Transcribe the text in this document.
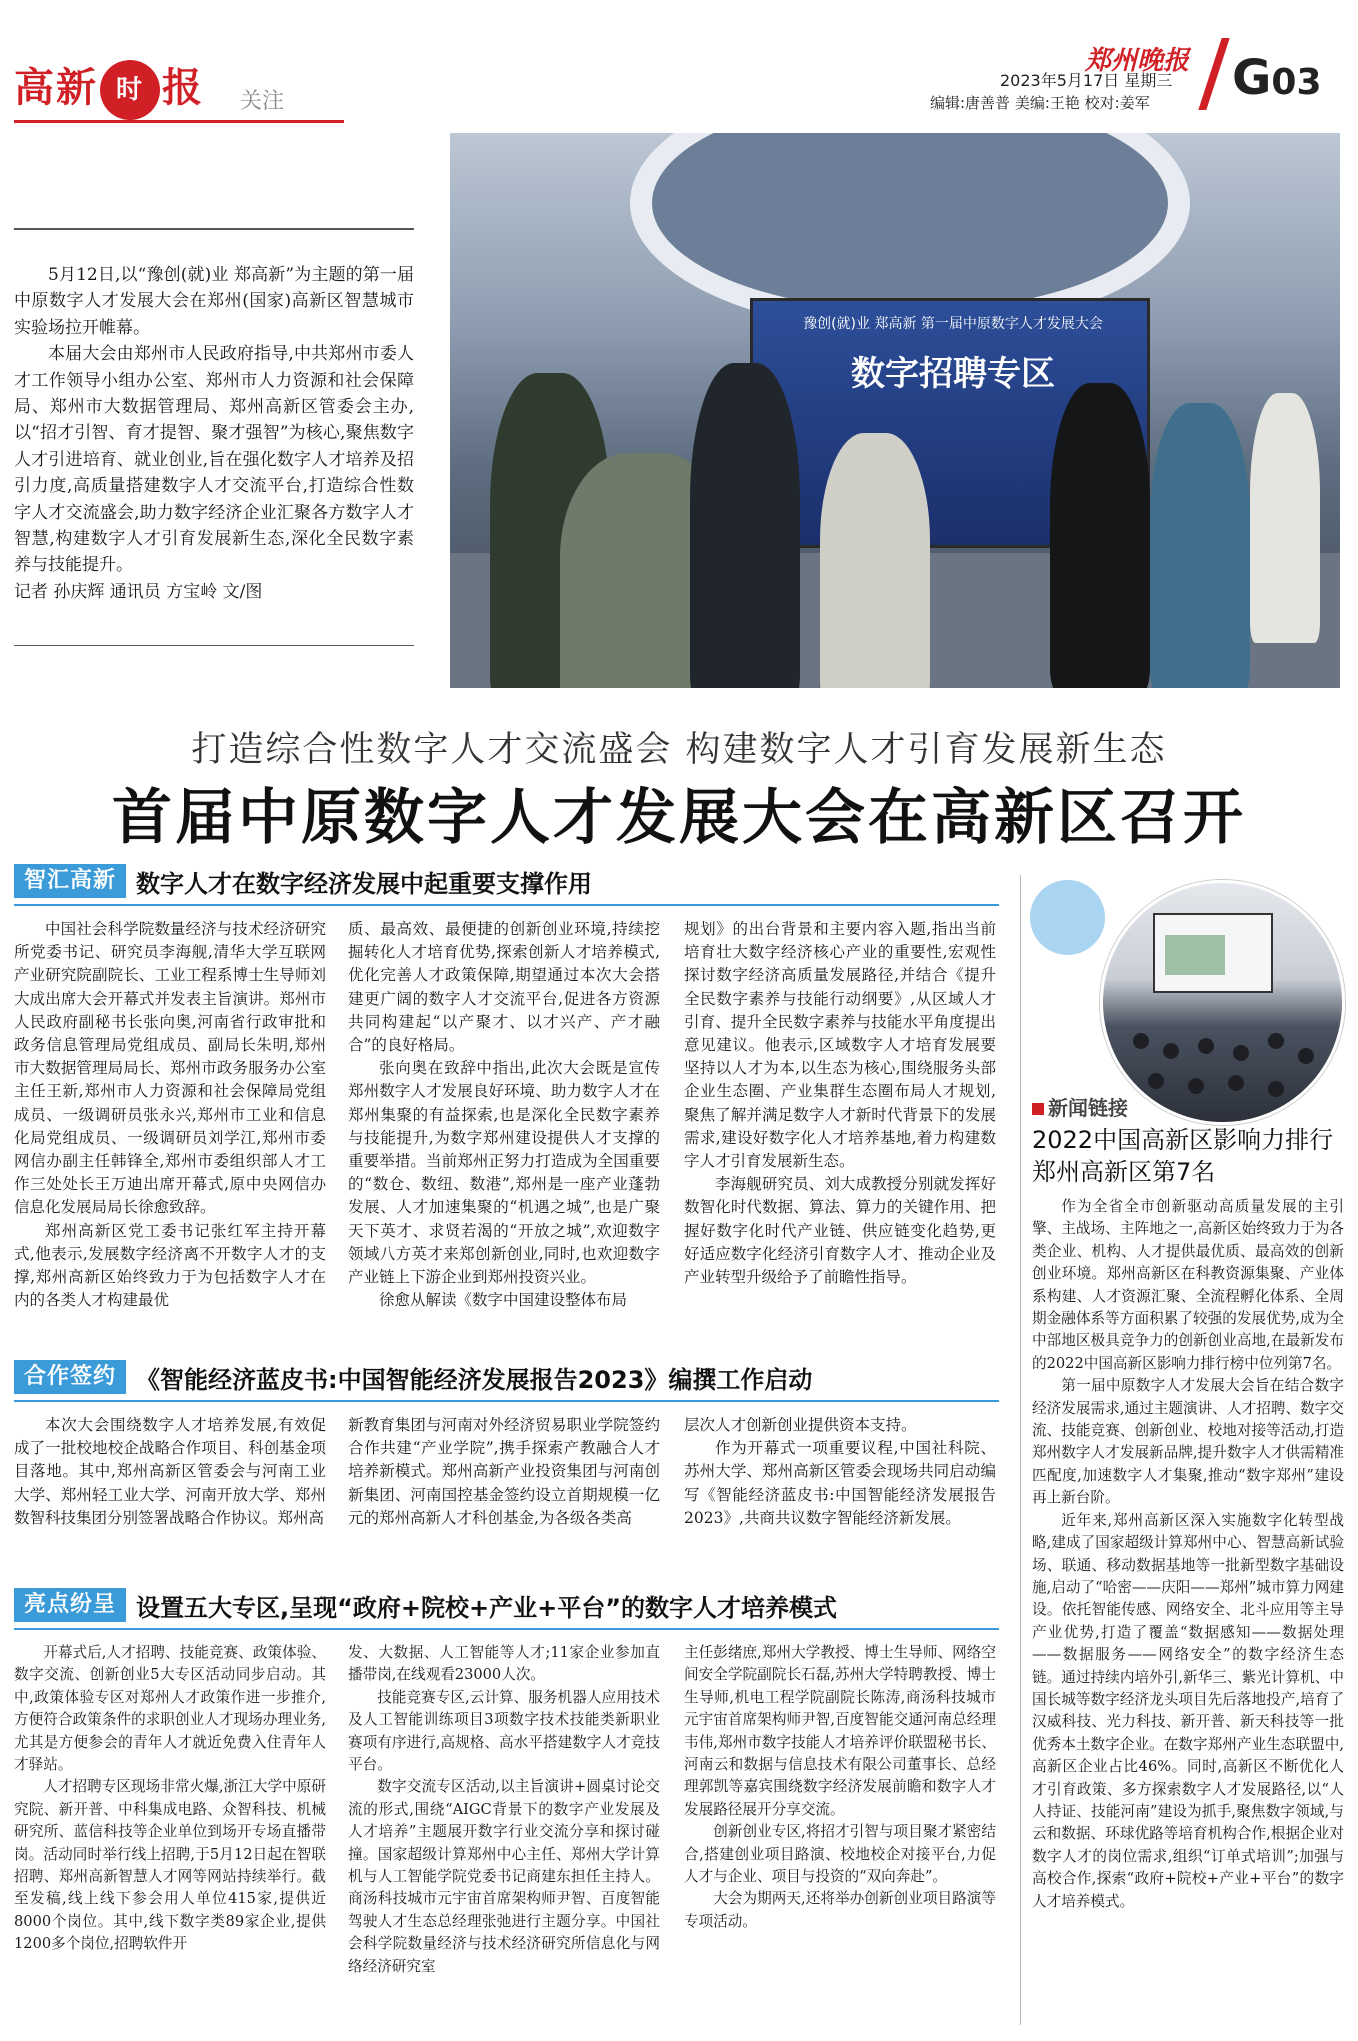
高新 时 报 关注
郑州晚报
2023年5月17日 星期三
编辑:唐善普 美编:王艳 校对:姜军 G03
豫创(就)业 郑高新 第一届中原数字人才发展大会
数字招聘专区

5月12日,以“豫创(就)业 郑高新”为主题的第一届中原数字人才发展大会在郑州(国家)高新区智慧城市实验场拉开帷幕。

本届大会由郑州市人民政府指导,中共郑州市委人才工作领导小组办公室、郑州市人力资源和社会保障局、郑州市大数据管理局、郑州高新区管委会主办,以“招才引智、育才提智、聚才强智”为核心,聚焦数字人才引进培育、就业创业,旨在强化数字人才培养及招引力度,高质量搭建数字人才交流平台,打造综合性数字人才交流盛会,助力数字经济企业汇聚各方数字人才智慧,构建数字人才引育发展新生态,深化全民数字素养与技能提升。

记者 孙庆辉 通讯员 方宝岭 文/图

打造综合性数字人才交流盛会 构建数字人才引育发展新生态
首届中原数字人才发展大会在高新区召开
智汇高新 数字人才在数字经济发展中起重要支撑作用

中国社会科学院数量经济与技术经济研究所党委书记、研究员李海舰,清华大学互联网产业研究院副院长、工业工程系博士生导师刘大成出席大会开幕式并发表主旨演讲。郑州市人民政府副秘书长张向奥,河南省行政审批和政务信息管理局党组成员、副局长朱明,郑州市大数据管理局局长、郑州市政务服务办公室主任王新,郑州市人力资源和社会保障局党组成员、一级调研员张永兴,郑州市工业和信息化局党组成员、一级调研员刘学江,郑州市委网信办副主任韩锋全,郑州市委组织部人才工作三处处长王万迪出席开幕式,原中央网信办信息化发展局局长徐愈致辞。

郑州高新区党工委书记张红军主持开幕式,他表示,发展数字经济离不开数字人才的支撑,郑州高新区始终致力于为包括数字人才在内的各类人才构建最优

质、最高效、最便捷的创新创业环境,持续挖掘转化人才培育优势,探索创新人才培养模式,优化完善人才政策保障,期望通过本次大会搭建更广阔的数字人才交流平台,促进各方资源共同构建起“以产聚才、以才兴产、产才融合”的良好格局。

张向奥在致辞中指出,此次大会既是宣传郑州数字人才发展良好环境、助力数字人才在郑州集聚的有益探索,也是深化全民数字素养与技能提升,为数字郑州建设提供人才支撑的重要举措。当前郑州正努力打造成为全国重要的“数仓、数纽、数港”,郑州是一座产业蓬勃发展、人才加速集聚的“机遇之城”,也是广聚天下英才、求贤若渴的“开放之城”,欢迎数字领域八方英才来郑创新创业,同时,也欢迎数字产业链上下游企业到郑州投资兴业。

徐愈从解读《数字中国建设整体布局

规划》的出台背景和主要内容入题,指出当前培育壮大数字经济核心产业的重要性,宏观性探讨数字经济高质量发展路径,并结合《提升全民数字素养与技能行动纲要》,从区域人才引育、提升全民数字素养与技能水平角度提出意见建议。他表示,区域数字人才培育发展要坚持以人才为本,以生态为核心,围绕服务头部企业生态圈、产业集群生态圈布局人才规划,聚焦了解并满足数字人才新时代背景下的发展需求,建设好数字化人才培养基地,着力构建数字人才引育发展新生态。

李海舰研究员、刘大成教授分别就发挥好数智化时代数据、算法、算力的关键作用、把握好数字化时代产业链、供应链变化趋势,更好适应数字化经济引育数字人才、推动企业及产业转型升级给予了前瞻性指导。

合作签约 《智能经济蓝皮书:中国智能经济发展报告2023》编撰工作启动

本次大会围绕数字人才培养发展,有效促成了一批校地校企战略合作项目、科创基金项目落地。其中,郑州高新区管委会与河南工业大学、郑州轻工业大学、河南开放大学、郑州数智科技集团分别签署战略合作协议。郑州高

新教育集团与河南对外经济贸易职业学院签约合作共建“产业学院”,携手探索产教融合人才培养新模式。郑州高新产业投资集团与河南创新集团、河南国控基金签约设立首期规模一亿元的郑州高新人才科创基金,为各级各类高

层次人才创新创业提供资本支持。

作为开幕式一项重要议程,中国社科院、苏州大学、郑州高新区管委会现场共同启动编写《智能经济蓝皮书:中国智能经济发展报告2023》,共商共议数字智能经济新发展。

亮点纷呈 设置五大专区,呈现“政府+院校+产业+平台”的数字人才培养模式

开幕式后,人才招聘、技能竞赛、政策体验、数字交流、创新创业5大专区活动同步启动。其中,政策体验专区对郑州人才政策作进一步推介,方便符合政策条件的求职创业人才现场办理业务,尤其是方便参会的青年人才就近免费入住青年人才驿站。

人才招聘专区现场非常火爆,浙江大学中原研究院、新开普、中科集成电路、众智科技、机械研究所、蓝信科技等企业单位到场开专场直播带岗。活动同时举行线上招聘,于5月12日起在智联招聘、郑州高新智慧人才网等网站持续举行。截至发稿,线上线下参会用人单位415家,提供近8000个岗位。其中,线下数字类89家企业,提供1200多个岗位,招聘软件开

发、大数据、人工智能等人才;11家企业参加直播带岗,在线观看23000人次。

技能竞赛专区,云计算、服务机器人应用技术及人工智能训练项目3项数字技术技能类新职业赛项有序进行,高规格、高水平搭建数字人才竞技平台。

数字交流专区活动,以主旨演讲+圆桌讨论交流的形式,围绕“AIGC背景下的数字产业发展及人才培养”主题展开数字行业交流分享和探讨碰撞。国家超级计算郑州中心主任、郑州大学计算机与人工智能学院党委书记商建东担任主持人。商汤科技城市元宇宙首席架构师尹智、百度智能驾驶人才生态总经理张弛进行主题分享。中国社会科学院数量经济与技术经济研究所信息化与网络经济研究室

主任彭绪庶,郑州大学教授、博士生导师、网络空间安全学院副院长石磊,苏州大学特聘教授、博士生导师,机电工程学院副院长陈涛,商汤科技城市元宇宙首席架构师尹智,百度智能交通河南总经理韦伟,郑州市数字技能人才培养评价联盟秘书长、河南云和数据与信息技术有限公司董事长、总经理郭凯等嘉宾围绕数字经济发展前瞻和数字人才发展路径展开分享交流。

创新创业专区,将招才引智与项目聚才紧密结合,搭建创业项目路演、校地校企对接平台,力促人才与企业、项目与投资的“双向奔赴”。

大会为期两天,还将举办创新创业项目路演等专项活动。

新闻链接
2022中国高新区影响力排行郑州高新区第7名

作为全省全市创新驱动高质量发展的主引擎、主战场、主阵地之一,高新区始终致力于为各类企业、机构、人才提供最优质、最高效的创新创业环境。郑州高新区在科教资源集聚、产业体系构建、人才资源汇聚、全流程孵化体系、全周期金融体系等方面积累了较强的发展优势,成为全中部地区极具竞争力的创新创业高地,在最新发布的2022中国高新区影响力排行榜中位列第7名。

第一届中原数字人才发展大会旨在结合数字经济发展需求,通过主题演讲、人才招聘、数字交流、技能竞赛、创新创业、校地对接等活动,打造郑州数字人才发展新品牌,提升数字人才供需精准匹配度,加速数字人才集聚,推动“数字郑州”建设再上新台阶。

近年来,郑州高新区深入实施数字化转型战略,建成了国家超级计算郑州中心、智慧高新试验场、联通、移动数据基地等一批新型数字基础设施,启动了“哈密——庆阳——郑州”城市算力网建设。依托智能传感、网络安全、北斗应用等主导产业优势,打造了覆盖“数据感知——数据处理——数据服务——网络安全”的数字经济生态链。通过持续内培外引,新华三、紫光计算机、中国长城等数字经济龙头项目先后落地投产,培育了汉威科技、光力科技、新开普、新天科技等一批优秀本土数字企业。在数字郑州产业生态联盟中,高新区企业占比46%。同时,高新区不断优化人才引育政策、多方探索数字人才发展路径,以“人人持证、技能河南”建设为抓手,聚焦数字领域,与云和数据、环球优路等培育机构合作,根据企业对数字人才的岗位需求,组织“订单式培训”;加强与高校合作,探索“政府+院校+产业+平台”的数字人才培养模式。
